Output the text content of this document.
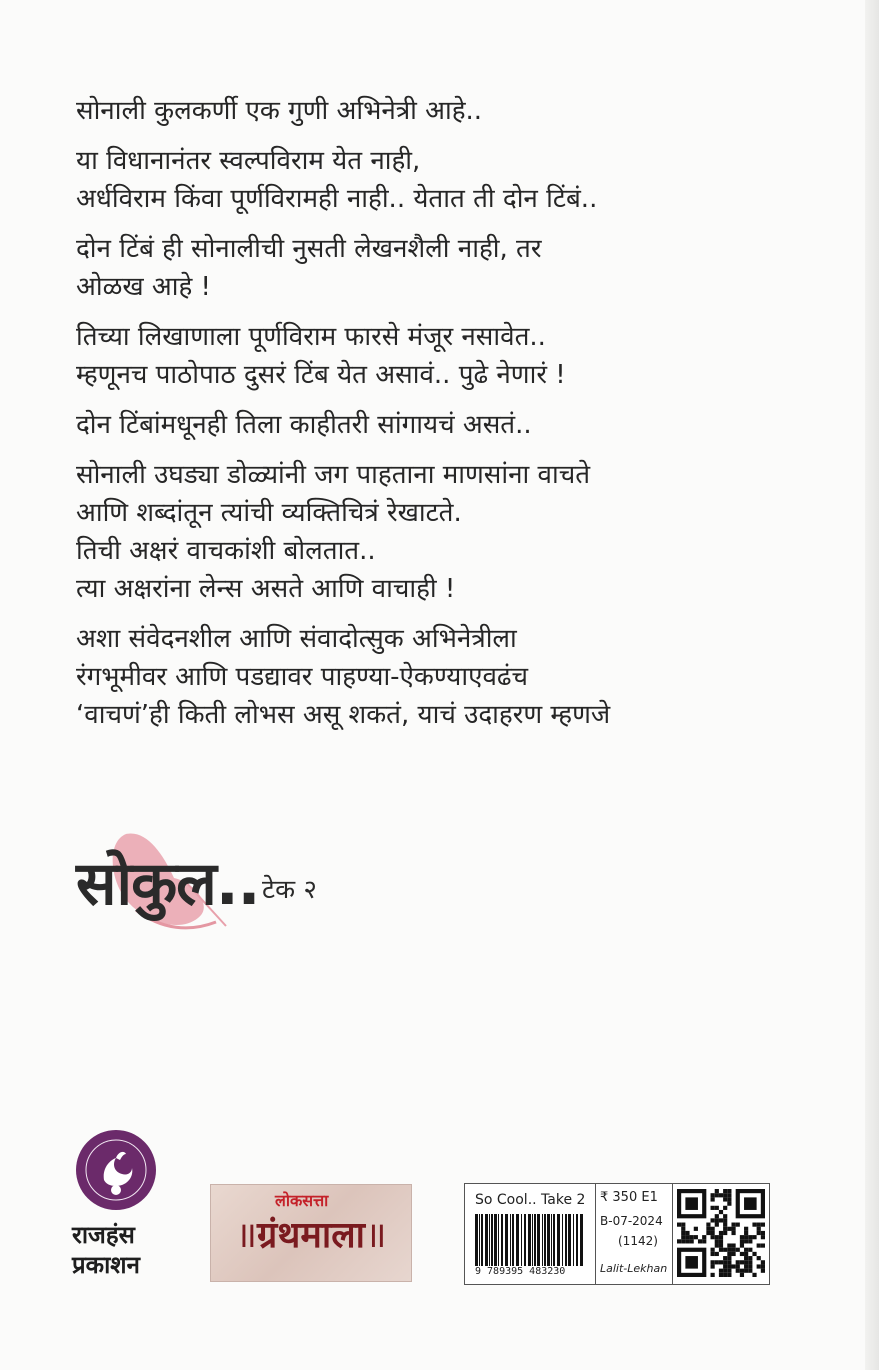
सोनाली कुलकर्णी एक गुणी अभिनेत्री आहे..

या विधानानंतर स्वल्पविराम येत नाही,
अर्धविराम किंवा पूर्णविरामही नाही.. येतात ती दोन टिंबं..

दोन टिंबं ही सोनालीची नुसती लेखनशैली नाही, तर
ओळख आहे !

तिच्या लिखाणाला पूर्णविराम फारसे मंजूर नसावेत..
म्हणूनच पाठोपाठ दुसरं टिंब येत असावं.. पुढे नेणारं !

दोन टिंबांमधूनही तिला काहीतरी सांगायचं असतं..

सोनाली उघड्या डोळ्यांनी जग पाहताना माणसांना वाचते
आणि शब्दांतून त्यांची व्यक्तिचित्रं रेखाटते.
तिची अक्षरं वाचकांशी बोलतात..
त्या अक्षरांना लेन्स असते आणि वाचाही !

अशा संवेदनशील आणि संवादोत्सुक अभिनेत्रीला
रंगभूमीवर आणि पडद्यावर पाहण्या-ऐकण्याएवढंच
‘वाचणं’ही किती लोभस असू शकतं, याचं उदाहरण म्हणजे

सोकुल.. टेक २
राजहंस
प्रकाशन
लोकसत्ता
॥ग्रंथमाला॥
So Cool.. Take 2
9 789395 483230
₹ 350 E1
B-07-2024
(1142)
Lalit-Lekhan
